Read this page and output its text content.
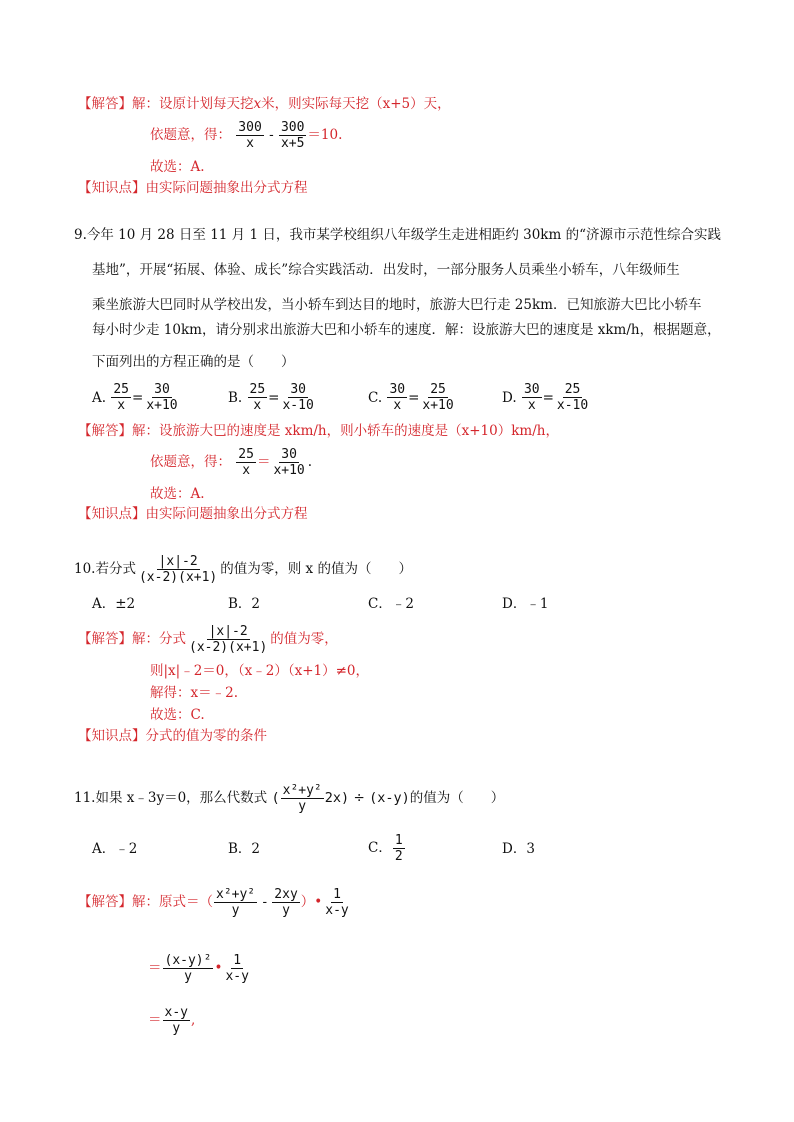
【解答】解：设原计划每天挖x米，则实际每天挖（x+5）天，
依题意，得： $\frac{300}{x} - \frac{300}{x+5} =10$.
故选：A.
【知识点】由实际问题抽象出分式方程
9.今年 10 月 28 日至 11 月 1 日，我市某学校组织八年级学生走进相距约 30km 的“济源市示范性综合实践
基地”，开展“拓展、体验、成长”综合实践活动．出发时，一部分服务人员乘坐小轿车，八年级师生
乘坐旅游大巴同时从学校出发，当小轿车到达目的地时，旅游大巴行走 25km．已知旅游大巴比小轿车
每小时少走 10km，请分别求出旅游大巴和小轿车的速度．解：设旅游大巴的速度是 xkm/h，根据题意，
下面列出的方程正确的是（　　）
A. $\frac{25}{x} = \frac{30}{x+10}$	B. $\frac{25}{x} = \frac{30}{x-10}$	C. $\frac{30}{x} = \frac{25}{x+10}$	D. $\frac{30}{x} = \frac{25}{x-10}$
【解答】解：设旅游大巴的速度是 xkm/h，则小轿车的速度是（x+10）km/h，
依题意，得： $\frac{25}{x} = \frac{30}{x+10}$ .
故选：A.
【知识点】由实际问题抽象出分式方程
10.若分式 $\frac{|x|-2}{(x-2)(x+1)}$ 的值为零，则 x 的值为（　　）
A．±2	B．2	C．﹣2	D．﹣1
【解答】解：分式 $\frac{|x|-2}{(x-2)(x+1)}$ 的值为零，
则|x|﹣2＝0，（x﹣2）（x+1）≠0，
解得：x＝﹣2.
故选：C.
【知识点】分式的值为零的条件
11.如果 x﹣3y＝0，那么代数式 ( $\frac{\text{x²+y²}}{y} 2x) \div (x-y)$的值为（　　）
A．﹣2	B．2	C． $\frac{1}{2}$	D．3
【解答】解：原式＝（ $\frac{\text{x²+y²}}{y} - \frac{2xy}{y}$ ）• $\frac{1}{x-y}$
＝ $\frac{\text{(x-y)²}}{y}$ • $\frac{1}{x-y}$
＝ $\frac{x-y}{y}$ ,
